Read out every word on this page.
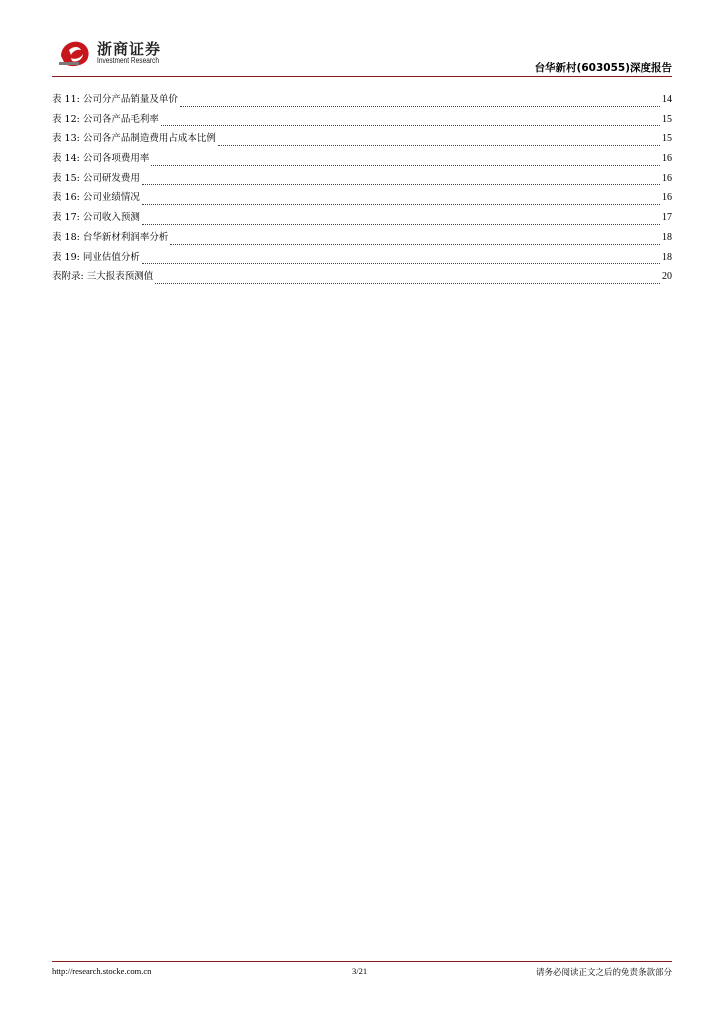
浙商证券
Investment Research
台华新村(603055)深度报告
表 11: 公司分产品销量及单价	14
表 12: 公司各产品毛利率	15
表 13: 公司各产品制造费用占成本比例	15
表 14: 公司各项费用率	16
表 15: 公司研发费用	16
表 16: 公司业绩情况	16
表 17: 公司收入预测	17
表 18: 台华新材利润率分析	18
表 19: 同业估值分析	18
表附录: 三大报表预测值	20
http://research.stocke.com.cn	3/21	请务必阅读正文之后的免责条款部分
